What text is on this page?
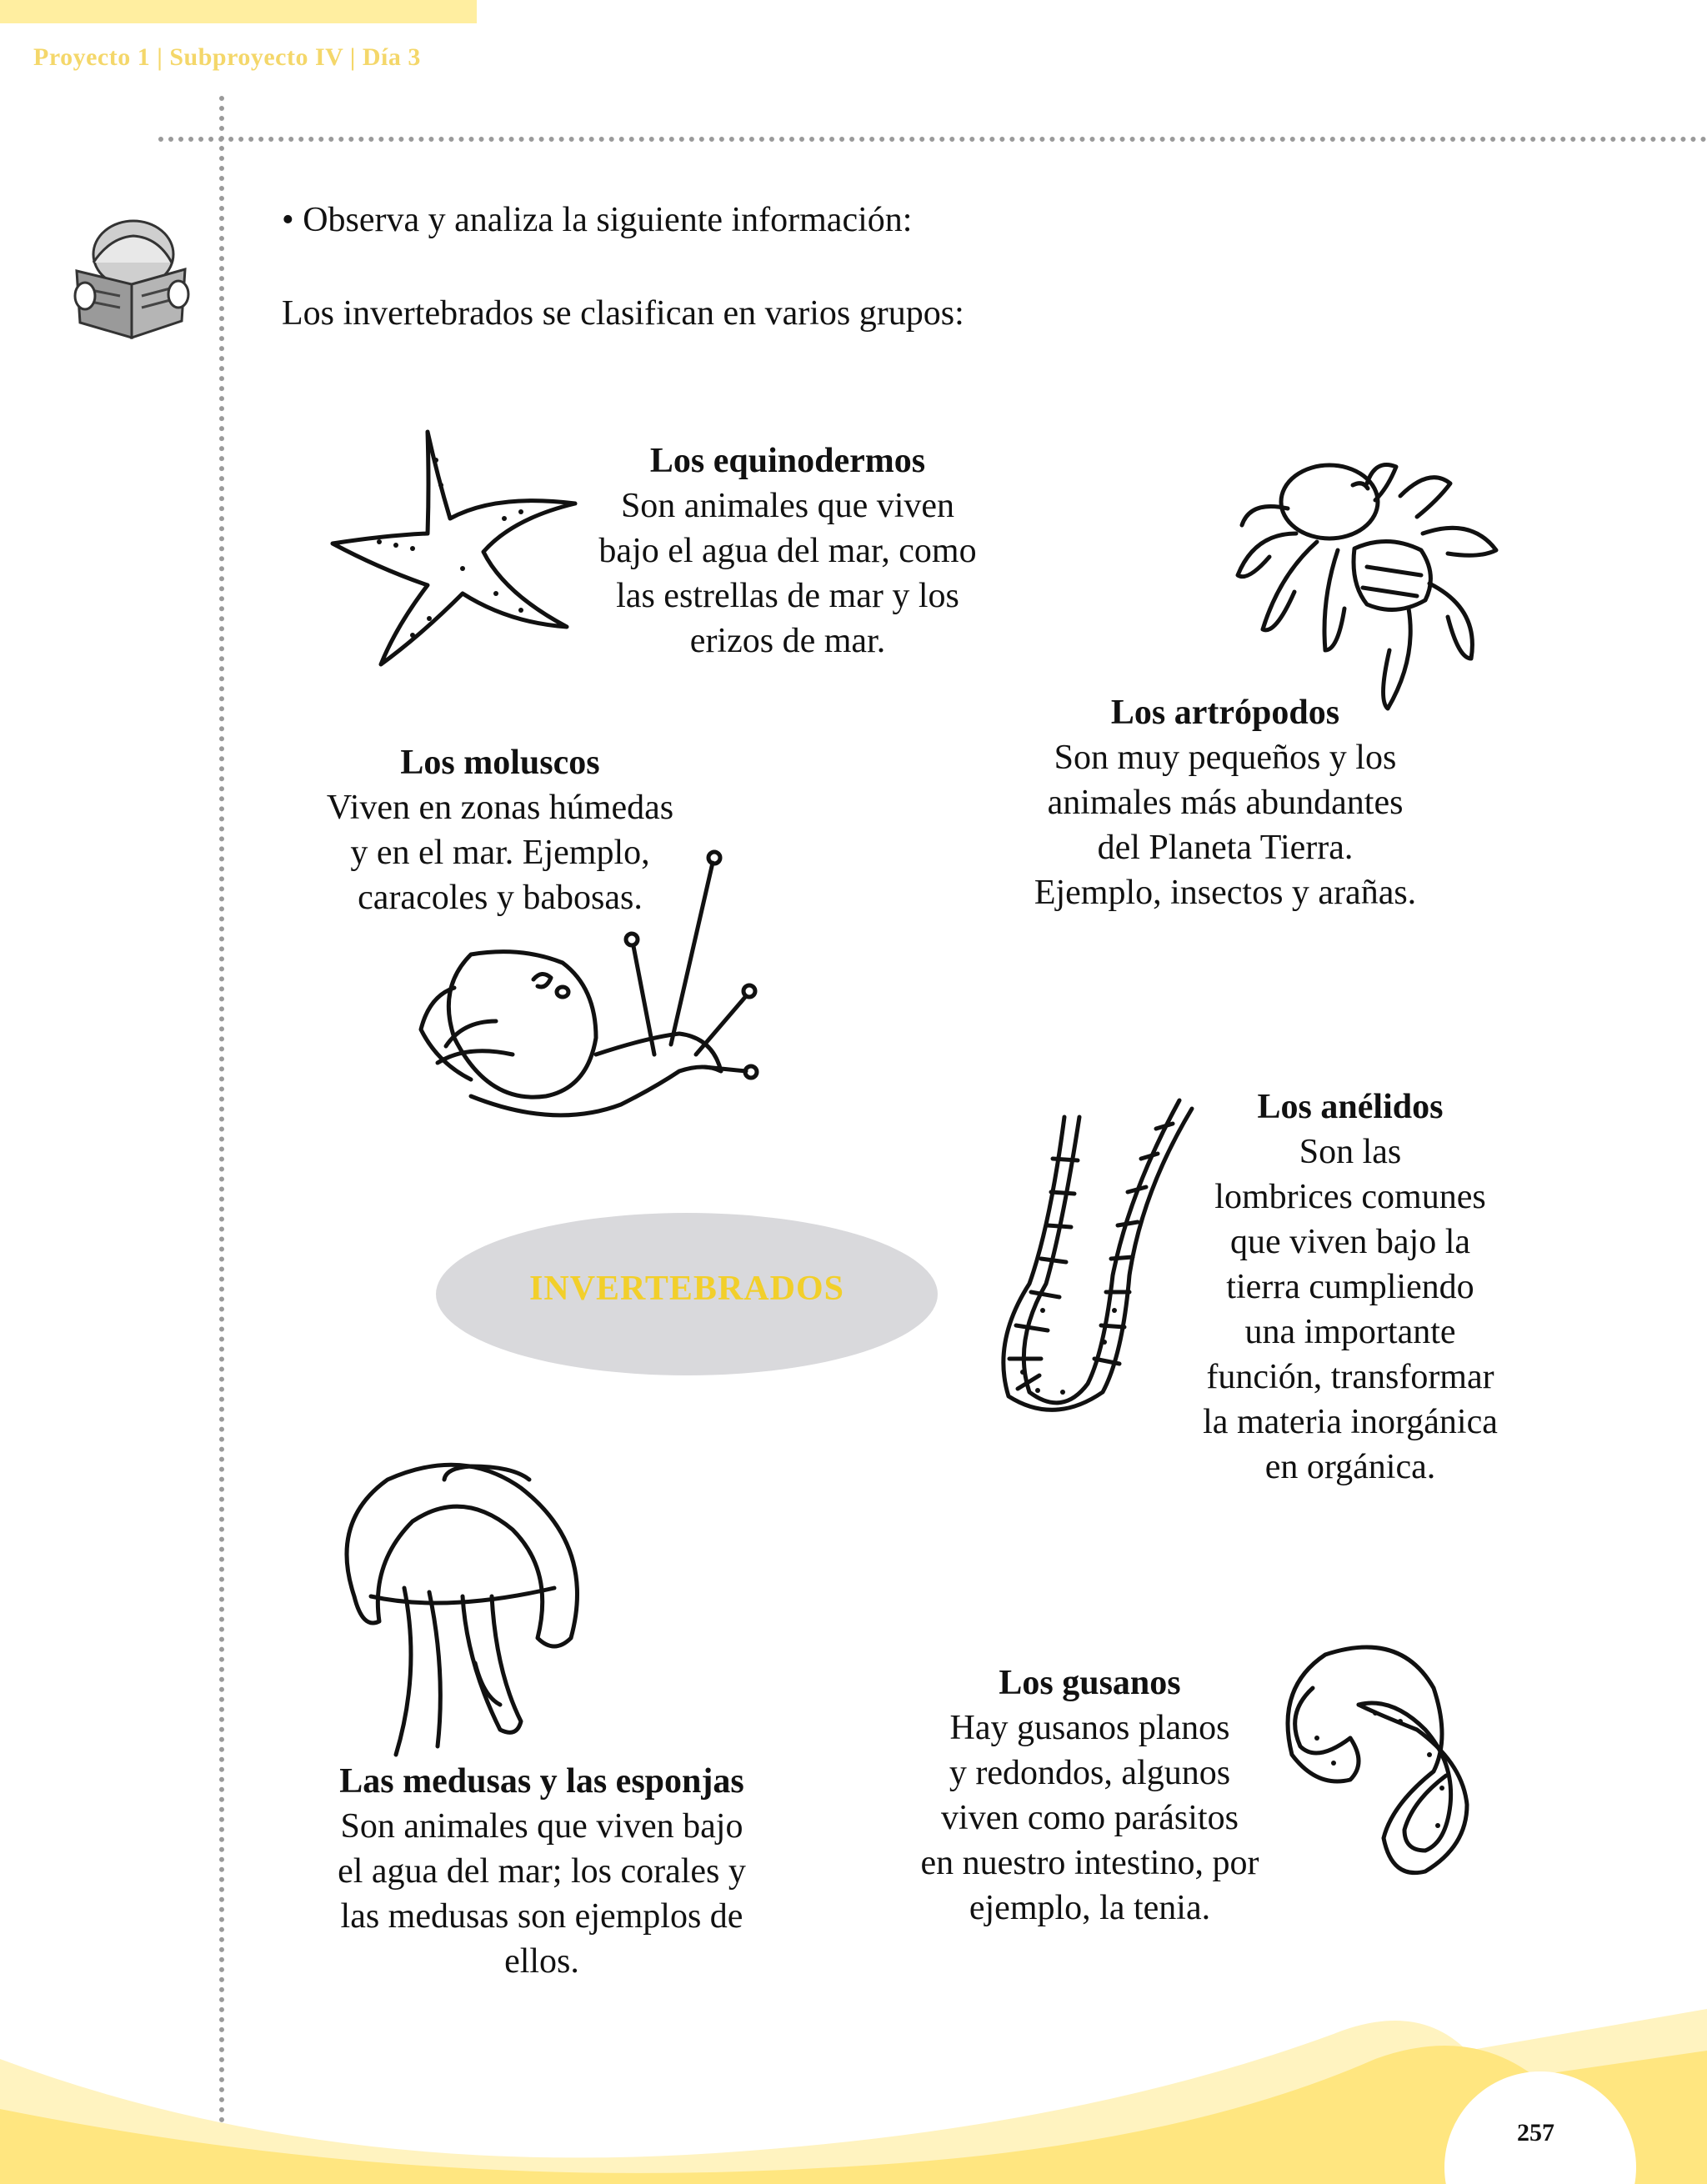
Proyecto 1 | Subproyecto IV | Día 3
• Observa y analiza la siguiente información:
Los invertebrados se clasifican en varios grupos:
Los equinodermos
Son animales que viven
bajo el agua del mar, como
las estrellas de mar y los
erizos de mar.
Los artrópodos
Son muy pequeños y los
animales más abundantes
del Planeta Tierra.
Ejemplo, insectos y arañas.
Los moluscos
Viven en zonas húmedas
y en el mar. Ejemplo,
caracoles y babosas.
Los anélidos
Son las
lombrices comunes
que viven bajo la
tierra cumpliendo
una importante
función, transformar
la materia inorgánica
en orgánica.
INVERTEBRADOS
Las medusas y las esponjas
Son animales que viven bajo
el agua del mar; los corales y
las medusas son ejemplos de
ellos.
Los gusanos
Hay gusanos planos
y redondos, algunos
viven como parásitos
en nuestro intestino, por
ejemplo, la tenia.
257
